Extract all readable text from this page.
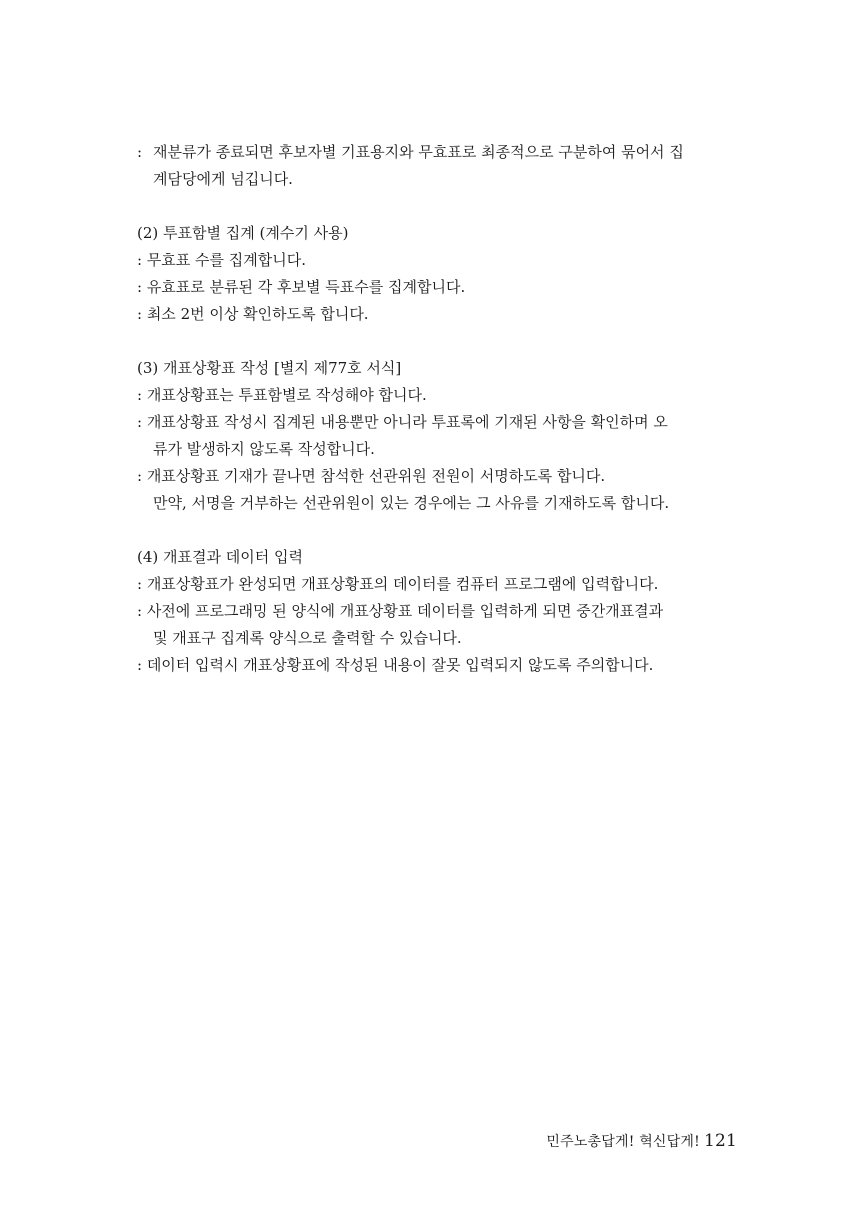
: 재분류가 종료되면 후보자별 기표용지와 무효표로 최종적으로 구분하여 묶어서 집
계담당에게 넘깁니다.
(2) 투표함별 집계 (계수기 사용)
: 무효표 수를 집계합니다.
: 유효표로 분류된 각 후보별 득표수를 집계합니다.
: 최소 2번 이상 확인하도록 합니다.
(3) 개표상황표 작성 [별지 제77호 서식]
: 개표상황표는 투표함별로 작성해야 합니다.
: 개표상황표 작성시 집계된 내용뿐만 아니라 투표록에 기재된 사항을 확인하며 오
류가 발생하지 않도록 작성합니다.
: 개표상황표 기재가 끝나면 참석한 선관위원 전원이 서명하도록 합니다.
만약, 서명을 거부하는 선관위원이 있는 경우에는 그 사유를 기재하도록 합니다.
(4) 개표결과 데이터 입력
: 개표상황표가 완성되면 개표상황표의 데이터를 컴퓨터 프로그램에 입력합니다.
: 사전에 프로그래밍 된 양식에 개표상황표 데이터를 입력하게 되면 중간개표결과
및 개표구 집계록 양식으로 출력할 수 있습니다.
: 데이터 입력시 개표상황표에 작성된 내용이 잘못 입력되지 않도록 주의합니다.
민주노총답게! 혁신답게! 121
